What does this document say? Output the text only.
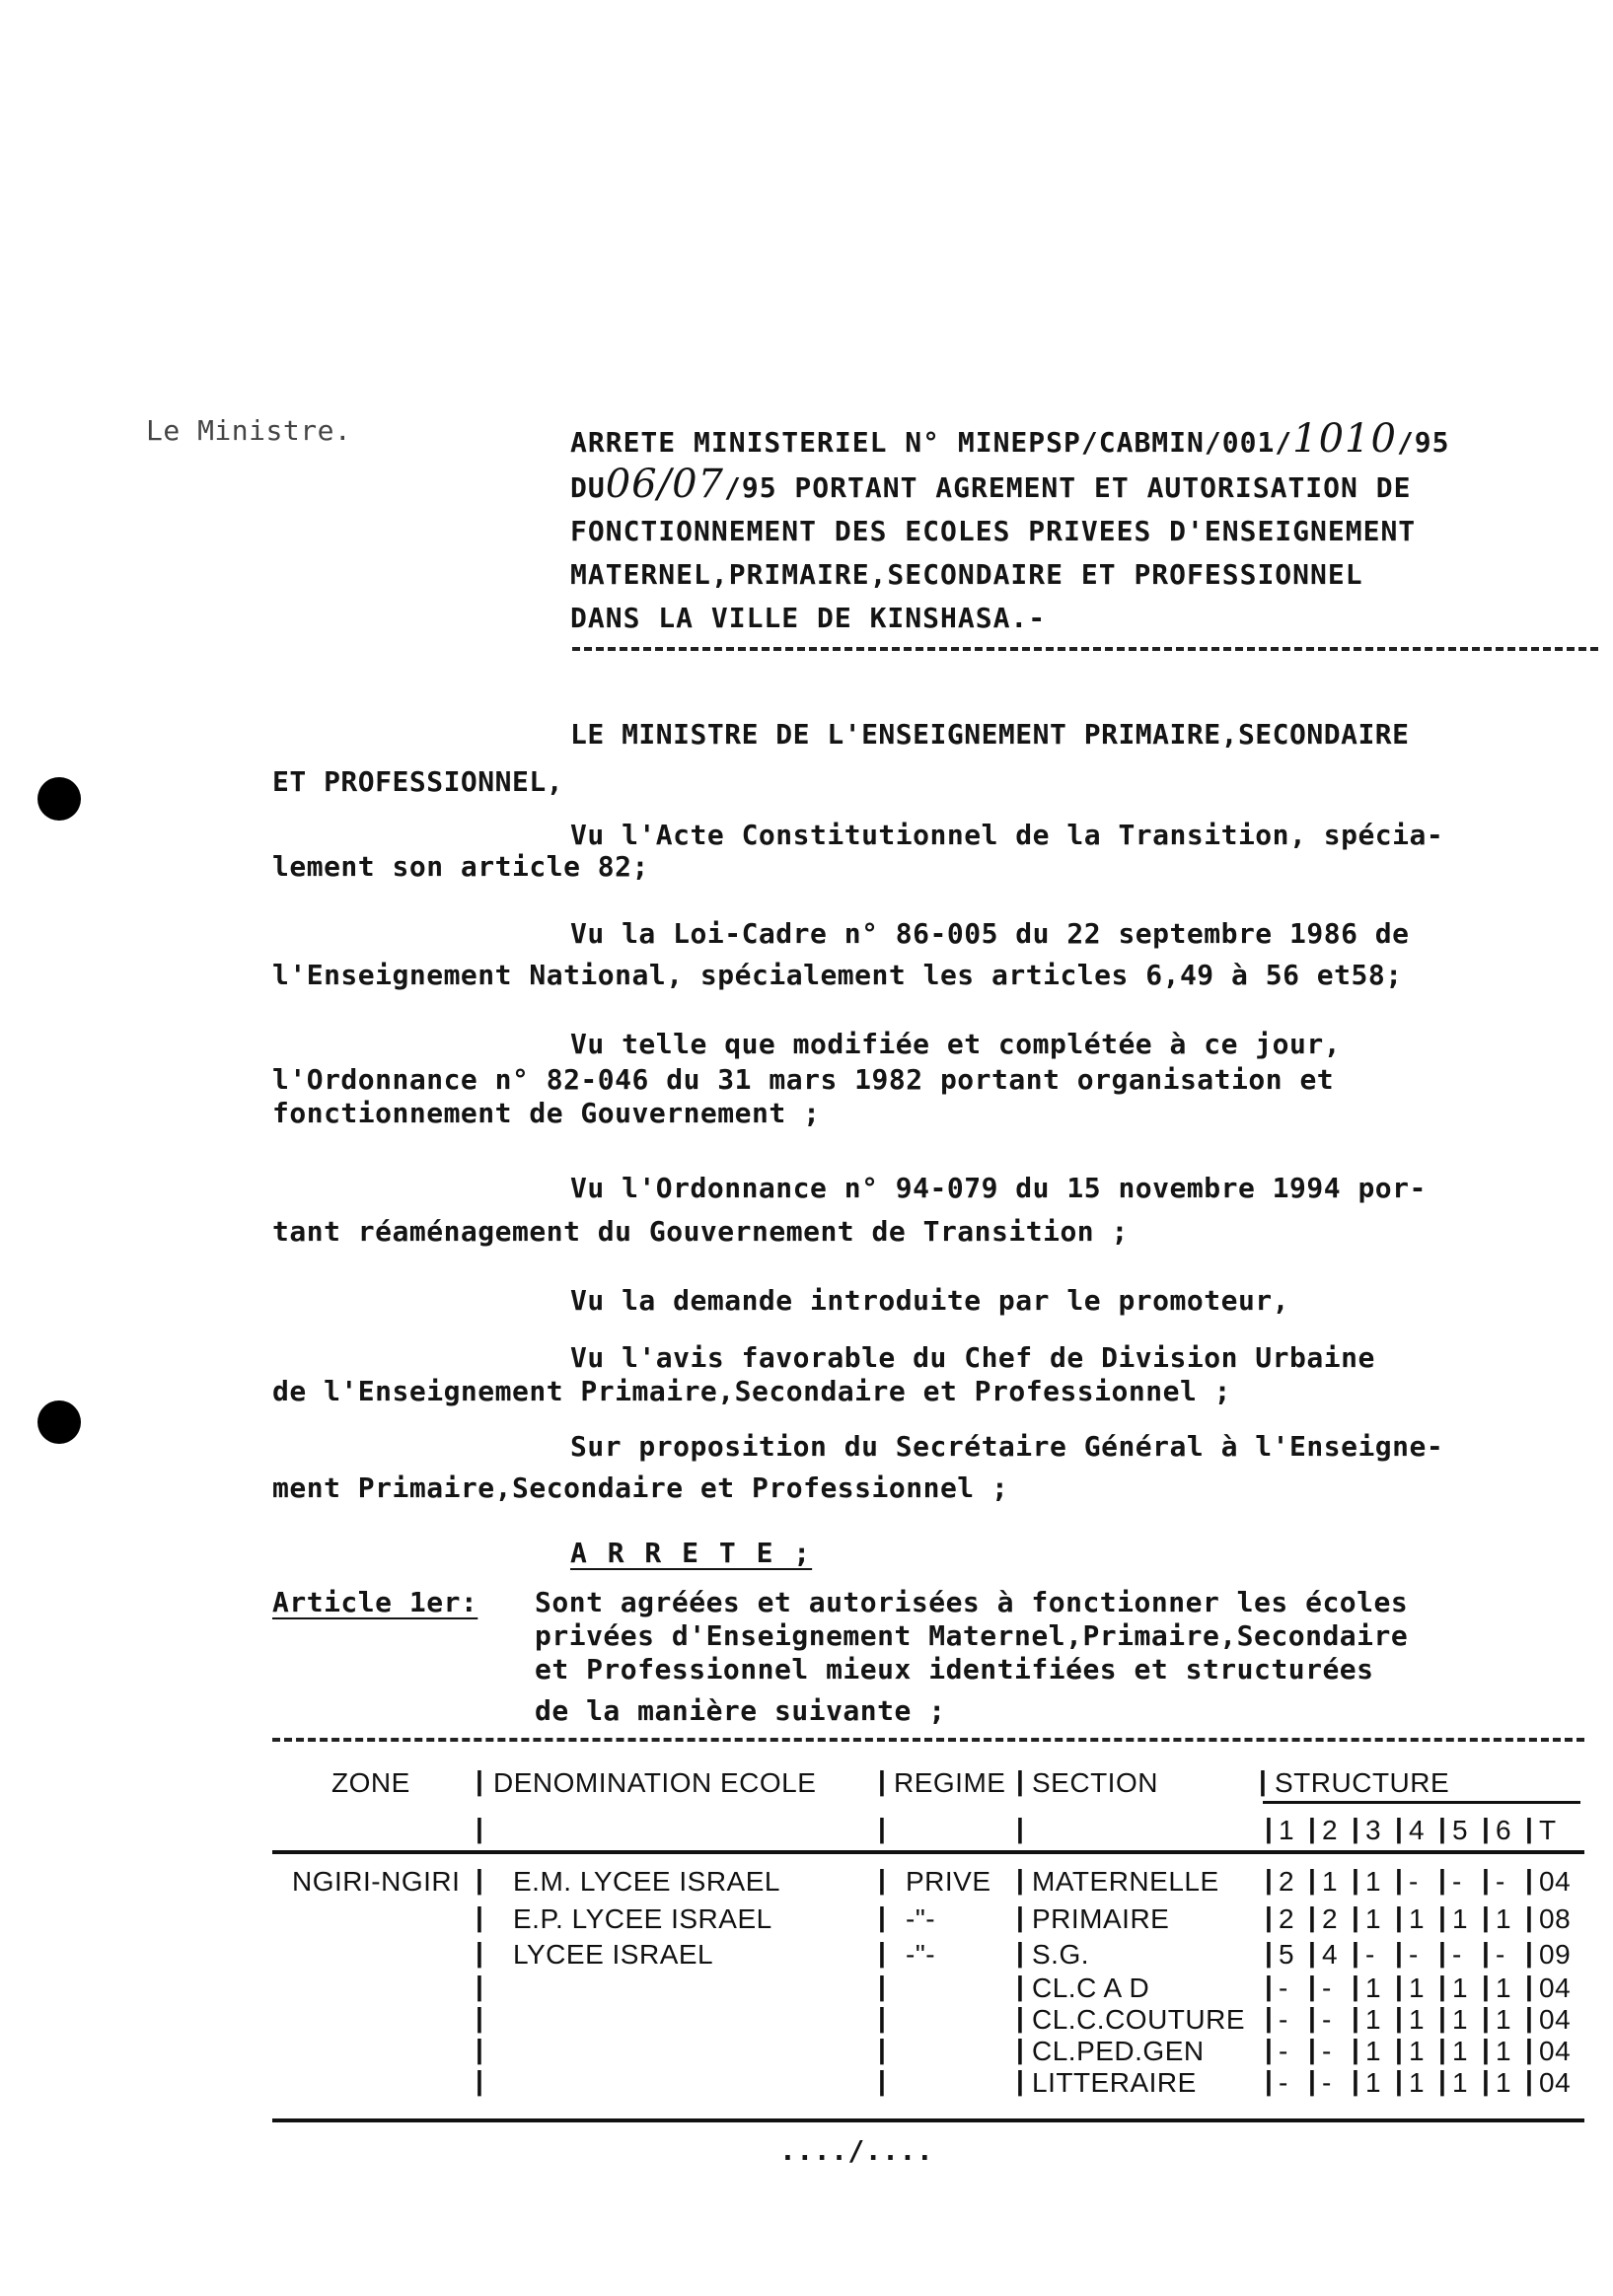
Le Ministre.	ARRETE MINISTERIEL N° MINEPSP/CABMIN/001/1010/95
DU06/07/95 PORTANT AGREMENT ET AUTORISATION DE
FONCTIONNEMENT DES ECOLES PRIVEES D'ENSEIGNEMENT
MATERNEL,PRIMAIRE,SECONDAIRE ET PROFESSIONNEL
DANS LA VILLE DE KINSHASA.-
LE MINISTRE DE L'ENSEIGNEMENT PRIMAIRE,SECONDAIRE
ET PROFESSIONNEL,
Vu l'Acte Constitutionnel de la Transition, spécia-
lement son article 82;
Vu la Loi-Cadre n° 86-005 du 22 septembre 1986 de
l'Enseignement National, spécialement les articles 6,49 à 56 et58;
Vu telle que modifiée et complétée à ce jour,
l'Ordonnance n° 82-046 du 31 mars 1982 portant organisation et
fonctionnement de Gouvernement ;
Vu l'Ordonnance n° 94-079 du 15 novembre 1994 por-
tant réaménagement du Gouvernement de Transition ;
Vu la demande introduite par le promoteur,
Vu l'avis favorable du Chef de Division Urbaine
de l'Enseignement Primaire,Secondaire et Professionnel ;
Sur proposition du Secrétaire Général à l'Enseigne-
ment Primaire,Secondaire et Professionnel ;
A R R E T E ;
Article 1er: Sont agréées et autorisées à fonctionner les écoles
privées d'Enseignement Maternel,Primaire,Secondaire
et Professionnel mieux identifiées et structurées
de la manière suivante ;
ZONE | DENOMINATION ECOLE | REGIME | SECTION	| STRUCTURE
| 1 | 2 | 3 | 4 | 5 | 6 | T
|	|	|
NGIRI-NGIRI | E.M. LYCEE ISRAEL	| PRIVE | MATERNELLE | 2 | 1 | 1 | - | - | - | 04
| E.P. LYCEE ISRAEL	| -"-	| PRIMAIRE	| 2 | 2 | 1 | 1 | 1 | 1 | 08
| LYCEE ISRAEL	| -"-	| S.G.	| 5 | 4 | - | - | - | - | 09
|	|	| CL.C A D	| - | - | 1 | 1 | 1 | 1 | 04
|	|	| CL.C.COUTURE | - | - | 1 | 1 | 1 | 1 | 04
|	|	| CL.PED.GEN | - | - | 1 | 1 | 1 | 1 | 04
|	|	| LITTERAIRE | - | - | 1 | 1 | 1 | 1 | 04
..../....
